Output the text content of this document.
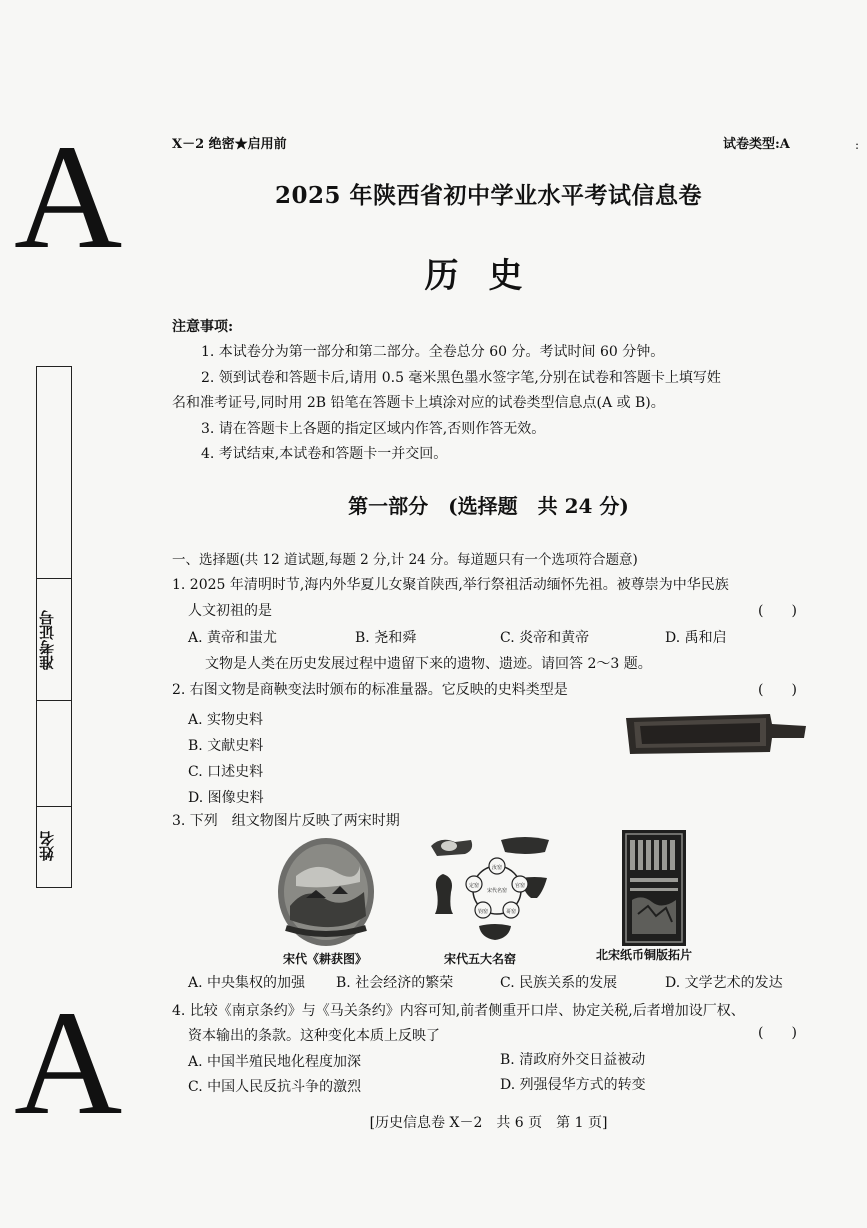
A
A
准考证号
姓名
X－2 绝密★启用前	试卷类型:A	:
2025 年陕西省初中学业水平考试信息卷
历史
注意事项:
1. 本试卷分为第一部分和第二部分。全卷总分 60 分。考试时间 60 分钟。
2. 领到试卷和答题卡后,请用 0.5 毫米黑色墨水签字笔,分别在试卷和答题卡上填写姓
名和准考证号,同时用 2B 铅笔在答题卡上填涂对应的试卷类型信息点(A 或 B)。
3. 请在答题卡上各题的指定区域内作答,否则作答无效。
4. 考试结束,本试卷和答题卡一并交回。
第一部分　(选择题　共 24 分)
一、选择题(共 12 道试题,每题 2 分,计 24 分。每道题只有一个选项符合题意)
1. 2025 年清明时节,海内外华夏儿女聚首陕西,举行祭祖活动缅怀先祖。被尊崇为中华民族
人文初祖的是	(　　)
A. 黄帝和蚩尤	B. 尧和舜	C. 炎帝和黄帝	D. 禹和启
文物是人类在历史发展过程中遗留下来的遗物、遗迹。请回答 2～3 题。
2. 右图文物是商鞅变法时颁布的标准量器。它反映的史料类型是	(　　)
A. 实物史料
B. 文献史料
C. 口述史料
D. 图像史料
3. 下列　组文物图片反映了两宋时期
宋代《耕获图》
汝窑
官窑
哥窑
钧窑
定窑
宋代名窑
宋代五大名窑	北宋纸币铜版拓片
A. 中央集权的加强 B. 社会经济的繁荣	C. 民族关系的发展	D. 文学艺术的发达
4. 比较《南京条约》与《马关条约》内容可知,前者侧重开口岸、协定关税,后者增加设厂权、
资本输出的条款。这种变化本质上反映了	(　　)
A. 中国半殖民地化程度加深	B. 清政府外交日益被动
C. 中国人民反抗斗争的激烈	D. 列强侵华方式的转变
[历史信息卷 X－2　共 6 页　第 1 页]
